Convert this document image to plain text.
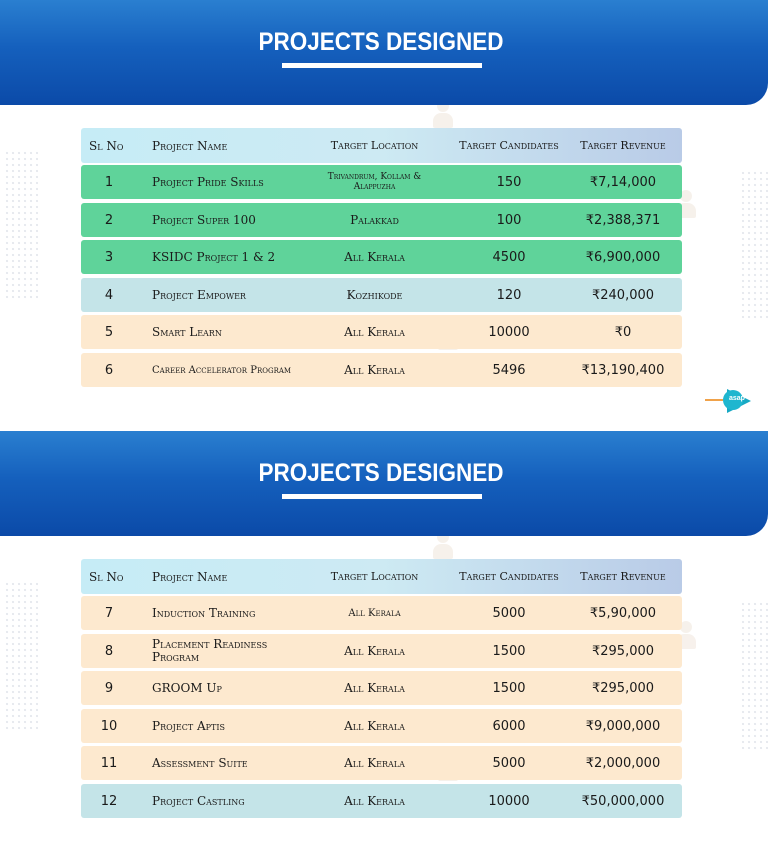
PROJECTS DESIGNED
Sl No	Project Name	Target Location	Target Candidates	Target Revenue
1	Project Pride Skills	Trivandrum, Kollam & Alappuzha	150	₹7,14,000
2	Project Super 100	Palakkad	100	₹2,388,371
3	KSIDC Project 1 & 2	All Kerala	4500	₹6,900,000
4	Project Empower	Kozhikode	120	₹240,000
5	Smart Learn	All Kerala	10000	₹0
6	Career Accelerator Program	All Kerala	5496	₹13,190,400
asap
PROJECTS DESIGNED
Sl No	Project Name	Target Location	Target Candidates	Target Revenue
7	Induction Training	All Kerala	5000	₹5,90,000
8	Placement Readiness Program	All Kerala	1500	₹295,000
9	GROOM Up	All Kerala	1500	₹295,000
10	Project Aptis	All Kerala	6000	₹9,000,000
11	Assessment Suite	All Kerala	5000	₹2,000,000
12	Project Castling	All Kerala	10000	₹50,000,000
